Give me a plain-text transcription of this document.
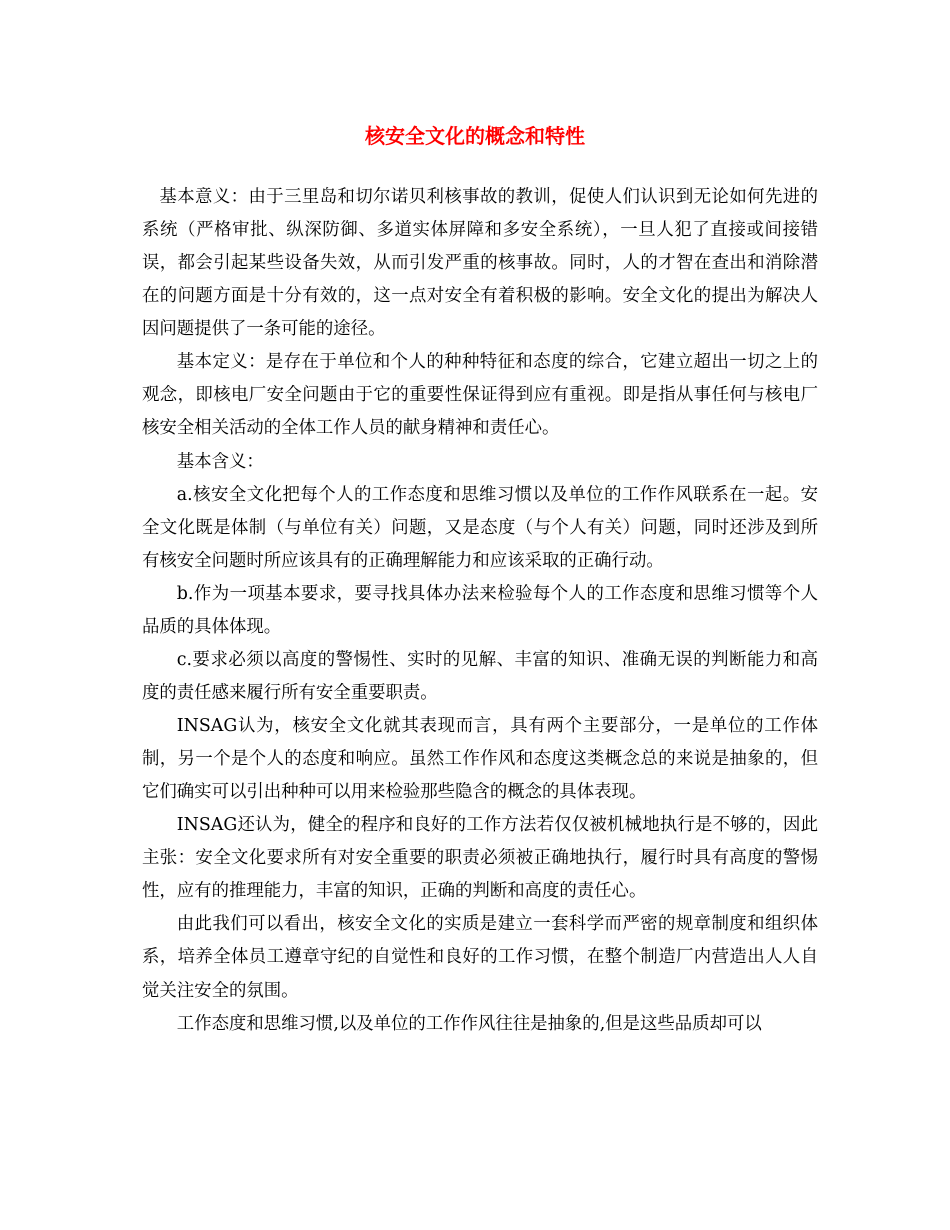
核安全文化的概念和特性

基本意义：由于三里岛和切尔诺贝利核事故的教训，促使人们认识到无论如何先进的系统（严格审批、纵深防御、多道实体屏障和多安全系统），一旦人犯了直接或间接错误，都会引起某些设备失效，从而引发严重的核事故。同时，人的才智在查出和消除潜在的问题方面是十分有效的，这一点对安全有着积极的影响。安全文化的提出为解决人因问题提供了一条可能的途径。

基本定义：是存在于单位和个人的种种特征和态度的综合，它建立超出一切之上的观念，即核电厂安全问题由于它的重要性保证得到应有重视。即是指从事任何与核电厂核安全相关活动的全体工作人员的献身精神和责任心。

基本含义：

a.核安全文化把每个人的工作态度和思维习惯以及单位的工作作风联系在一起。安全文化既是体制（与单位有关）问题，又是态度（与个人有关）问题，同时还涉及到所有核安全问题时所应该具有的正确理解能力和应该采取的正确行动。

b.作为一项基本要求，要寻找具体办法来检验每个人的工作态度和思维习惯等个人品质的具体体现。

c.要求必须以高度的警惕性、实时的见解、丰富的知识、准确无误的判断能力和高度的责任感来履行所有安全重要职责。

INSAG认为，核安全文化就其表现而言，具有两个主要部分，一是单位的工作体制，另一个是个人的态度和响应。虽然工作作风和态度这类概念总的来说是抽象的，但它们确实可以引出种种可以用来检验那些隐含的概念的具体表现。

INSAG还认为，健全的程序和良好的工作方法若仅仅被机械地执行是不够的，因此主张：安全文化要求所有对安全重要的职责必须被正确地执行，履行时具有高度的警惕性，应有的推理能力，丰富的知识，正确的判断和高度的责任心。

由此我们可以看出，核安全文化的实质是建立一套科学而严密的规章制度和组织体系，培养全体员工遵章守纪的自觉性和良好的工作习惯，在整个制造厂内营造出人人自觉关注安全的氛围。

工作态度和思维习惯,以及单位的工作作风往往是抽象的,但是这些品质却可以
